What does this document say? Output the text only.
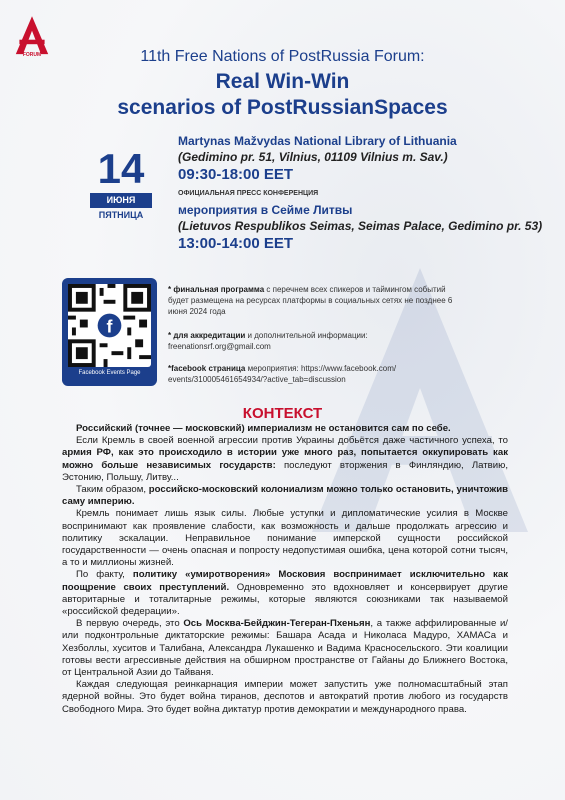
FORUM	11th Free Nations of PostRussia Forum:
Real Win-Win
scenarios of PostRussianSpaces
14
ИЮНЯ
ПЯТНИЦА
Martynas Mažvydas National Library of Lithuania
(Gedimino pr. 51, Vilnius, 01109 Vilnius m. Sav.)
09:30-18:00 EET
ОФИЦИАЛЬНАЯ ПРЕСС КОНФЕРЕНЦИЯ
мероприятия в Сейме Литвы
(Lietuvos Respublikos Seimas, Seimas Palace, Gedimino pr. 53)
13:00-14:00 EET
f
Facebook Events Page
* финальная программа с перечнем всех спикеров и таймингом событий будет размещена на ресурсах платформы в социальных сетях не позднее 6 июня 2024 года
* для аккредитации и дополнительной информации:
freenationsrf.org@gmail.com
*facebook страница мероприятия: https://www.facebook.com/
events/310005461654934/?active_tab=discussion
КОНТЕКСТ

Российский (точнее — московский) империализм не остановится сам по себе.

Если Кремль в своей военной агрессии против Украины добьётся даже частичного успеха, то армия РФ, как это происходило в истории уже много раз, попытается оккупировать как можно больше независимых государств: последуют вторжения в Финляндию, Латвию, Эстонию, Польшу, Литву...

Таким образом, российско-московский колониализм можно только остановить, уничтожив саму империю.

Кремль понимает лишь язык силы. Любые уступки и дипломатические усилия в Москве воспринимают как проявление слабости, как возможность и дальше продолжать агрессию и политику эскалации. Неправильное понимание имперской сущности российской государственности — очень опасная и попросту недопустимая ошибка, цена которой сотни тысяч, а то и миллионы жизней.

По факту, политику «умиротворения» Московия воспринимает исключительно как поощрение своих преступлений. Одновременно это вдохновляет и консервирует другие авторитарные и тоталитарные режимы, которые являются союзниками так называемой «российской федерации».

В первую очередь, это Ось Москва-Бейджин-Тегеран-Пхеньян, а также аффилированные и/или подконтрольные диктаторские режимы: Башара Асада и Николаса Мадуро, ХАМАСа и Хезболлы, хуситов и Талибана, Александра Лукашенко и Вадима Красносельского. Эти коалиции готовы вести агрессивные действия на обширном пространстве от Гайаны до Ближнего Востока, от Центральной Азии до Тайваня.

Каждая следующая реинкарнация империи может запустить уже полномасштабный этап ядерной войны. Это будет война тиранов, деспотов и автократий против любого из государств Свободного Мира. Это будет война диктатур против демократии и международного права.
